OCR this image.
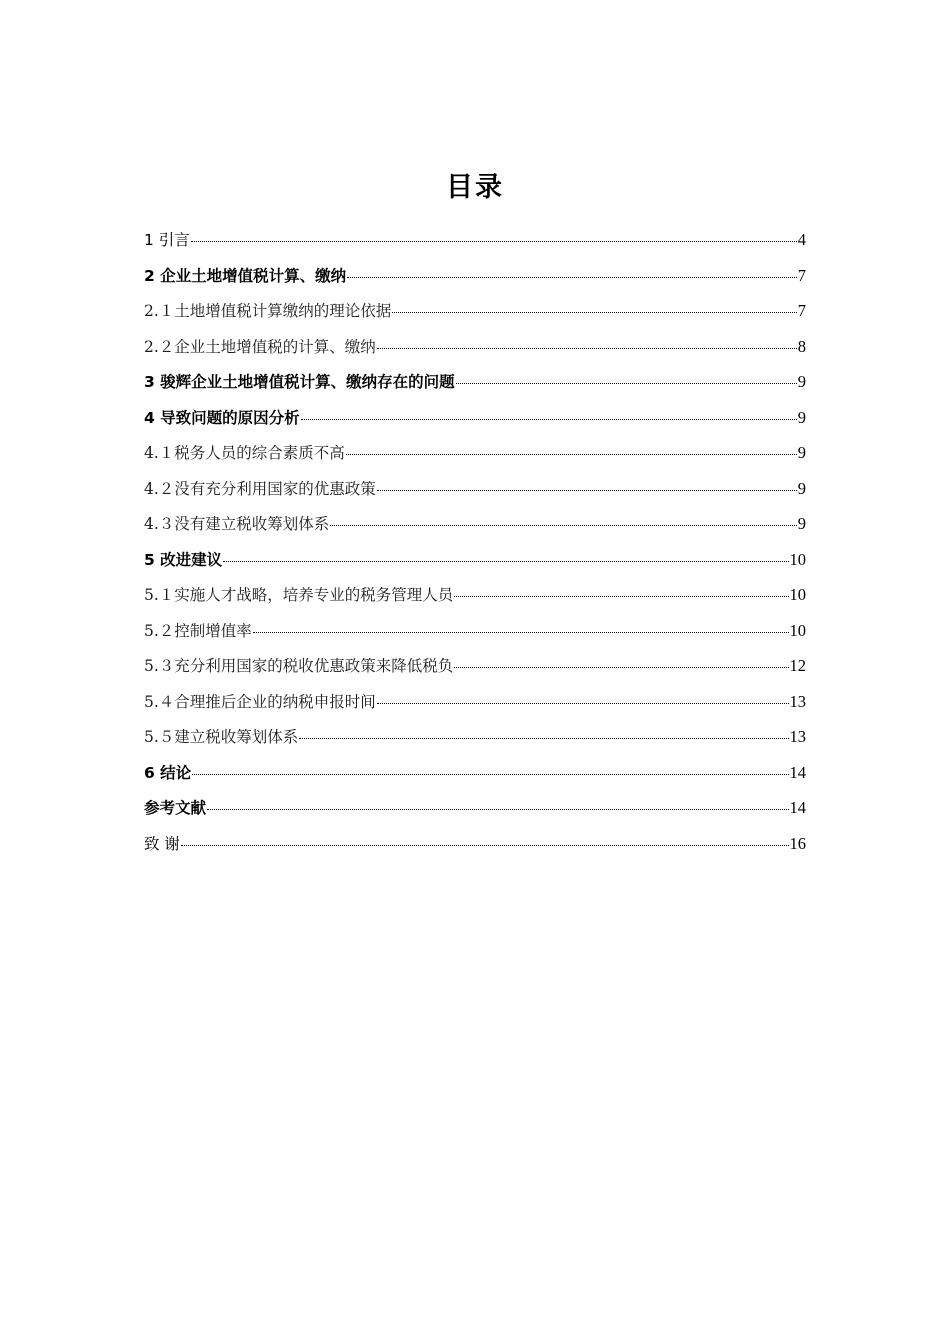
目录
1 引言	4
2 企业土地增值税计算、缴纳	7
2.１土地增值税计算缴纳的理论依据	7
2.２企业土地增值税的计算、缴纳	8
3 骏辉企业土地增值税计算、缴纳存在的问题	9
4 导致问题的原因分析	9
4.１税务人员的综合素质不高	9
4.２没有充分利用国家的优惠政策	9
4.３没有建立税收筹划体系	9
5 改进建议	10
5.１实施人才战略，培养专业的税务管理人员	10
5.２控制增值率	10
5.３充分利用国家的税收优惠政策来降低税负	12
5.４合理推后企业的纳税申报时间	13
5.５建立税收筹划体系	13
6 结论	14
参考文献	14
致 谢	16
